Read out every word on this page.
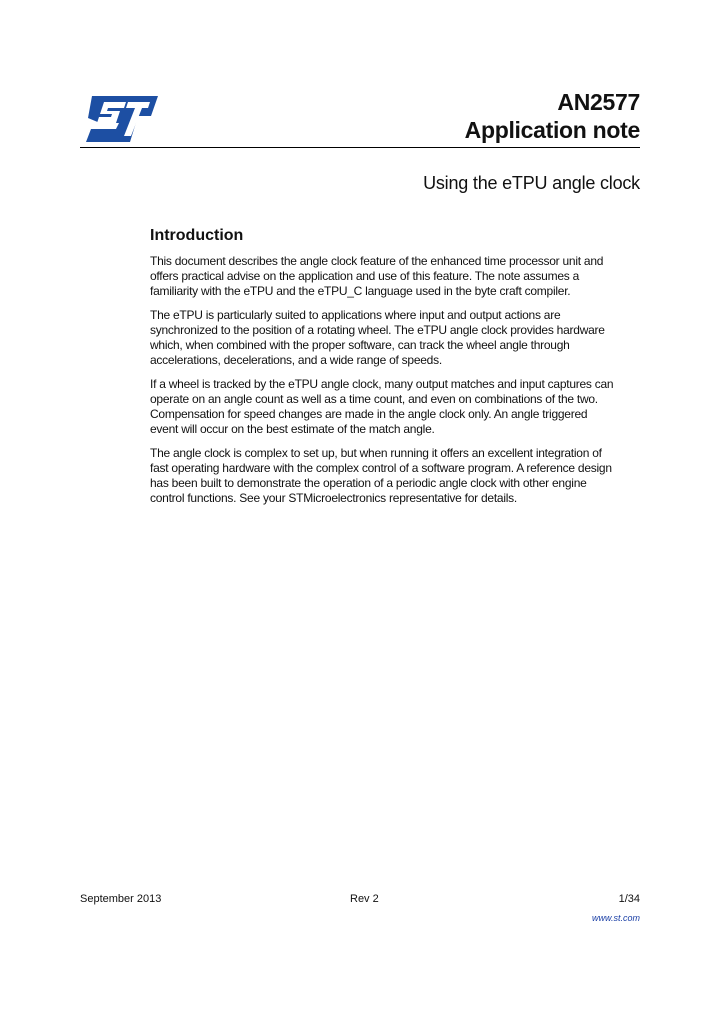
AN2577
Application note
Using the eTPU angle clock
Introduction

This document describes the angle clock feature of the enhanced time processor unit and
offers practical advise on the application and use of this feature. The note assumes a
familiarity with the eTPU and the eTPU_C language used in the byte craft compiler.

The eTPU is particularly suited to applications where input and output actions are
synchronized to the position of a rotating wheel. The eTPU angle clock provides hardware
which, when combined with the proper software, can track the wheel angle through
accelerations, decelerations, and a wide range of speeds.

If a wheel is tracked by the eTPU angle clock, many output matches and input captures can
operate on an angle count as well as a time count, and even on combinations of the two.
Compensation for speed changes are made in the angle clock only. An angle triggered
event will occur on the best estimate of the match angle.

The angle clock is complex to set up, but when running it offers an excellent integration of
fast operating hardware with the complex control of a software program. A reference design
has been built to demonstrate the operation of a periodic angle clock with other engine
control functions. See your STMicroelectronics representative for details.

September 2013	Rev 2	1/34
www.st.com
